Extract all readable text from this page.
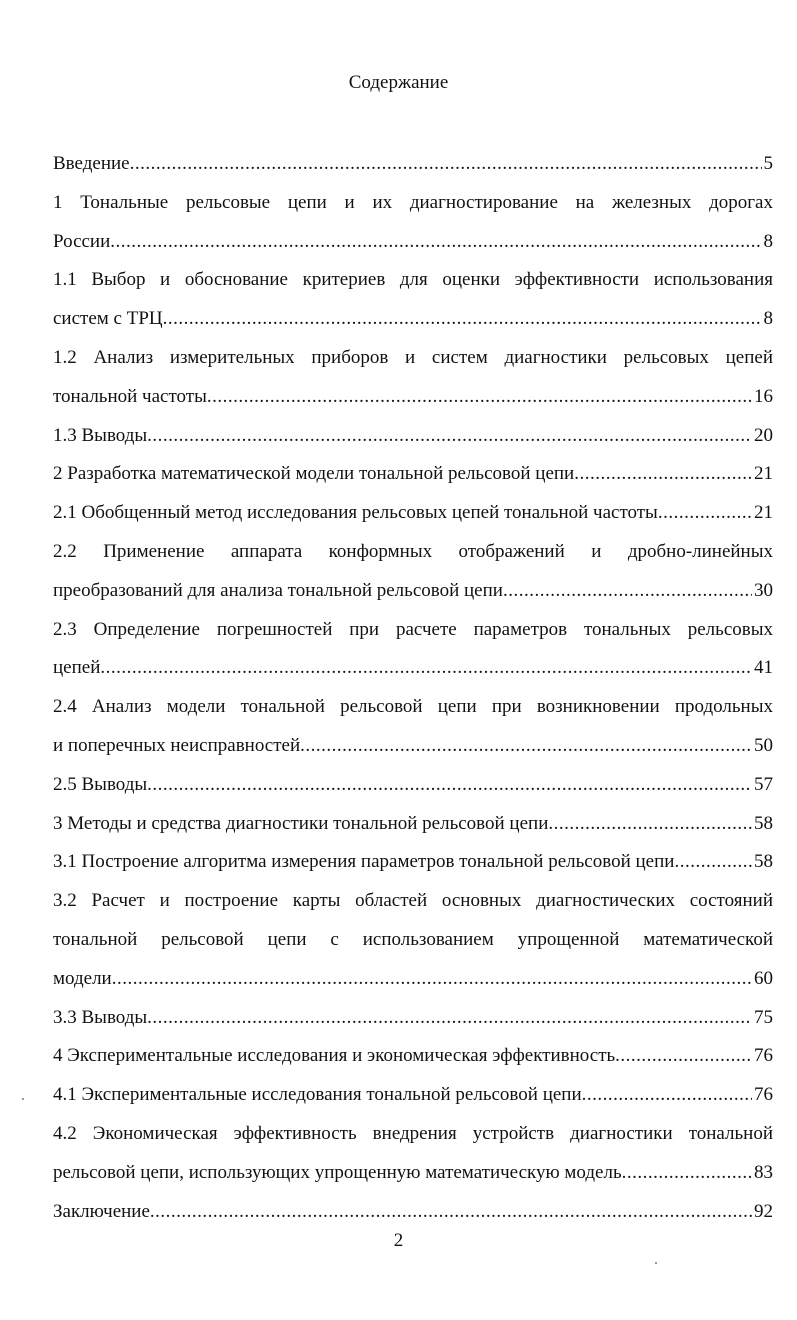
Содержание
Введение .....	5
1 Тональные рельсовые цепи и их диагностирование на железных дорогах
России .....	8
1.1 Выбор и обоснование критериев для оценки эффективности использования
систем с ТРЦ .....	8
1.2 Анализ измерительных приборов и систем диагностики рельсовых цепей
тональной частоты .....	16
1.3 Выводы .....	20
2 Разработка математической модели тональной рельсовой цепи .....	21
2.1 Обобщенный метод исследования рельсовых цепей тональной частоты .....	21
2.2 Применение аппарата конформных отображений и дробно-линейных
преобразований для анализа тональной рельсовой цепи .....	30
2.3 Определение погрешностей при расчете параметров тональных рельсовых
цепей .....	41
2.4 Анализ модели тональной рельсовой цепи при возникновении продольных
и поперечных неисправностей .....	50
2.5 Выводы .....	57
3 Методы и средства диагностики тональной рельсовой цепи .....	58
3.1 Построение алгоритма измерения параметров тональной рельсовой цепи .....	58
3.2 Расчет и построение карты областей основных диагностических состояний
тональной рельсовой цепи с использованием упрощенной математической
модели .....	60
3.3 Выводы .....	75
4 Экспериментальные исследования и экономическая эффективность .....	76
4.1 Экспериментальные исследования тональной рельсовой цепи .....	76
4.2 Экономическая эффективность внедрения устройств диагностики тональной
рельсовой цепи, использующих упрощенную математическую модель .....	83
Заключение .....	92
2
